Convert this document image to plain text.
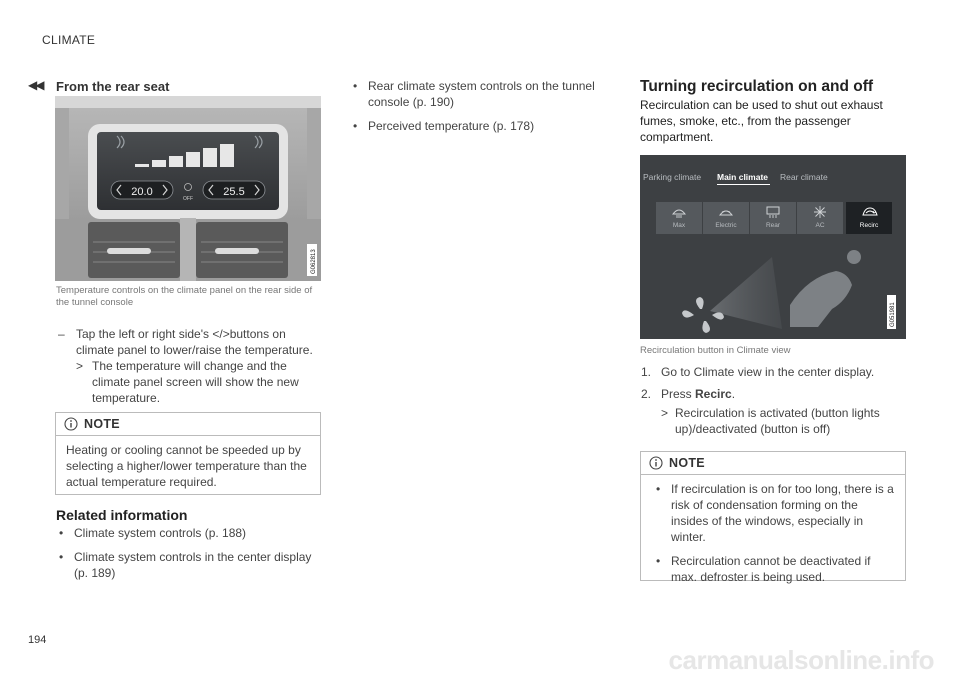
CLIMATE
◀◀
194
carmanualsonline.info
From the rear seat
20.0	25.5
OFF
G062813
Temperature controls on the climate panel on the rear side of the tunnel console
– Tap the left or right side's </>buttons on climate panel to lower/raise the temperature.
> The temperature will change and the climate panel screen will show the new temperature.
NOTE
Heating or cooling cannot be speeded up by selecting a higher/lower temperature than the actual temperature required.
Related information
• Climate system controls (p. 188)
• Climate system controls in the center display (p. 189)
• Rear climate system controls on the tunnel console (p. 190)
• Perceived temperature (p. 178)
Turning recirculation on and off
Recirculation can be used to shut out exhaust fumes, smoke, etc., from the passenger compartment.
Parking climate Main climate Rear climate
Max	Electric	Rear	AC	Recirc
G051981
Recirculation button in Climate view
1. Go to Climate view in the center display.
2. Press Recirc.
> Recirculation is activated (button lights up)/deactivated (button is off)
NOTE
• If recirculation is on for too long, there is a risk of condensation forming on the insides of the windows, especially in winter.
• Recirculation cannot be deactivated if max. defroster is being used.
